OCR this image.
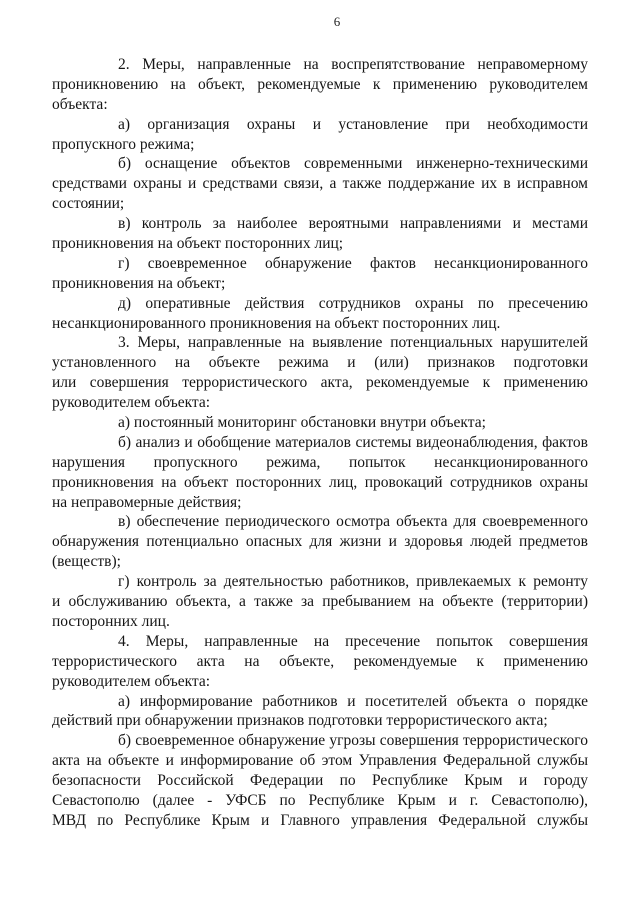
6
2. Меры, направленные на воспрепятствование неправомерному
проникновению на объект, рекомендуемые к применению руководителем
объекта:
а) организация охраны и установление при необходимости
пропускного режима;
б) оснащение объектов современными инженерно-техническими
средствами охраны и средствами связи, а также поддержание их в исправном
состоянии;
в) контроль за наиболее вероятными направлениями и местами
проникновения на объект посторонних лиц;
г) своевременное обнаружение фактов несанкционированного
проникновения на объект;
д) оперативные действия сотрудников охраны по пресечению
несанкционированного проникновения на объект посторонних лиц.
3. Меры, направленные на выявление потенциальных нарушителей
установленного на объекте режима и (или) признаков подготовки
или совершения террористического акта, рекомендуемые к применению
руководителем объекта:
а) постоянный мониторинг обстановки внутри объекта;
б) анализ и обобщение материалов системы видеонаблюдения, фактов
нарушения пропускного режима, попыток несанкционированного
проникновения на объект посторонних лиц, провокаций сотрудников охраны
на неправомерные действия;
в) обеспечение периодического осмотра объекта для своевременного
обнаружения потенциально опасных для жизни и здоровья людей предметов
(веществ);
г) контроль за деятельностью работников, привлекаемых к ремонту
и обслуживанию объекта, а также за пребыванием на объекте (территории)
посторонних лиц.
4. Меры, направленные на пресечение попыток совершения
террористического акта на объекте, рекомендуемые к применению
руководителем объекта:
а) информирование работников и посетителей объекта о порядке
действий при обнаружении признаков подготовки террористического акта;
б) своевременное обнаружение угрозы совершения террористического
акта на объекте и информирование об этом Управления Федеральной службы
безопасности Российской Федерации по Республике Крым и городу
Севастополю (далее - УФСБ по Республике Крым и г. Севастополю),
МВД по Республике Крым и Главного управления Федеральной службы
